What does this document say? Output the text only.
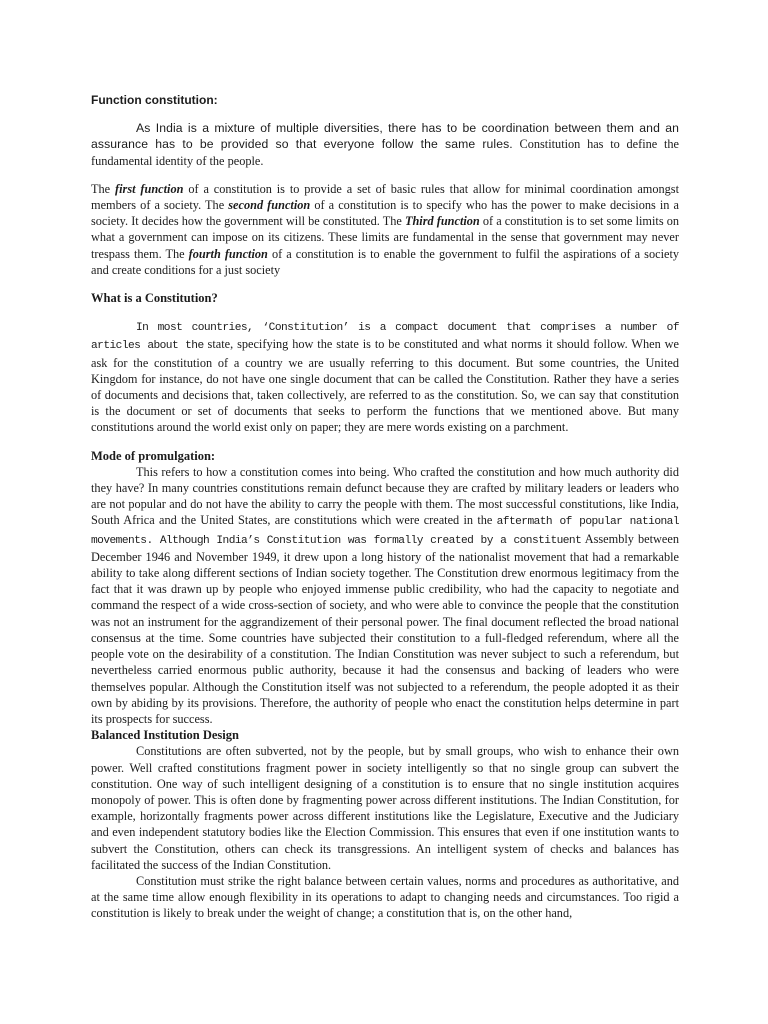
Function constitution:

As India is a mixture of multiple diversities, there has to be coordination between them and an assurance has to be provided so that everyone follow the same rules. Constitution has to define the fundamental identity of the people.

The first function of a constitution is to provide a set of basic rules that allow for minimal coordination amongst members of a society. The second function of a constitution is to specify who has the power to make decisions in a society. It decides how the government will be constituted. The Third function of a constitution is to set some limits on what a government can impose on its citizens. These limits are fundamental in the sense that government may never trespass them. The fourth function of a constitution is to enable the government to fulfil the aspirations of a society and create conditions for a just society

What is a Constitution?

In most countries, ‘Constitution’ is a compact document that comprises a number of articles about the state, specifying how the state is to be constituted and what norms it should follow. When we ask for the constitution of a country we are usually referring to this document. But some countries, the United Kingdom for instance, do not have one single document that can be called the Constitution. Rather they have a series of documents and decisions that, taken collectively, are referred to as the constitution. So, we can say that constitution is the document or set of documents that seeks to perform the functions that we mentioned above. But many constitutions around the world exist only on paper; they are mere words existing on a parchment.

Mode of promulgation:

This refers to how a constitution comes into being. Who crafted the constitution and how much authority did they have? In many countries constitutions remain defunct because they are crafted by military leaders or leaders who are not popular and do not have the ability to carry the people with them. The most successful constitutions, like India, South Africa and the United States, are constitutions which were created in the aftermath of popular national movements. Although India’s Constitution was formally created by a constituent Assembly between December 1946 and November 1949, it drew upon a long history of the nationalist movement that had a remarkable ability to take along different sections of Indian society together. The Constitution drew enormous legitimacy from the fact that it was drawn up by people who enjoyed immense public credibility, who had the capacity to negotiate and command the respect of a wide cross-section of society, and who were able to convince the people that the constitution was not an instrument for the aggrandizement of their personal power. The final document reflected the broad national consensus at the time. Some countries have subjected their constitution to a full-fledged referendum, where all the people vote on the desirability of a constitution. The Indian Constitution was never subject to such a referendum, but nevertheless carried enormous public authority, because it had the consensus and backing of leaders who were themselves popular. Although the Constitution itself was not subjected to a referendum, the people adopted it as their own by abiding by its provisions. Therefore, the authority of people who enact the constitution helps determine in part its prospects for success.

Balanced Institution Design

Constitutions are often subverted, not by the people, but by small groups, who wish to enhance their own power. Well crafted constitutions fragment power in society intelligently so that no single group can subvert the constitution. One way of such intelligent designing of a constitution is to ensure that no single institution acquires monopoly of power. This is often done by fragmenting power across different institutions. The Indian Constitution, for example, horizontally fragments power across different institutions like the Legislature, Executive and the Judiciary and even independent statutory bodies like the Election Commission. This ensures that even if one institution wants to subvert the Constitution, others can check its transgressions. An intelligent system of checks and balances has facilitated the success of the Indian Constitution.

Constitution must strike the right balance between certain values, norms and procedures as authoritative, and at the same time allow enough flexibility in its operations to adapt to changing needs and circumstances. Too rigid a constitution is likely to break under the weight of change; a constitution that is, on the other hand,
